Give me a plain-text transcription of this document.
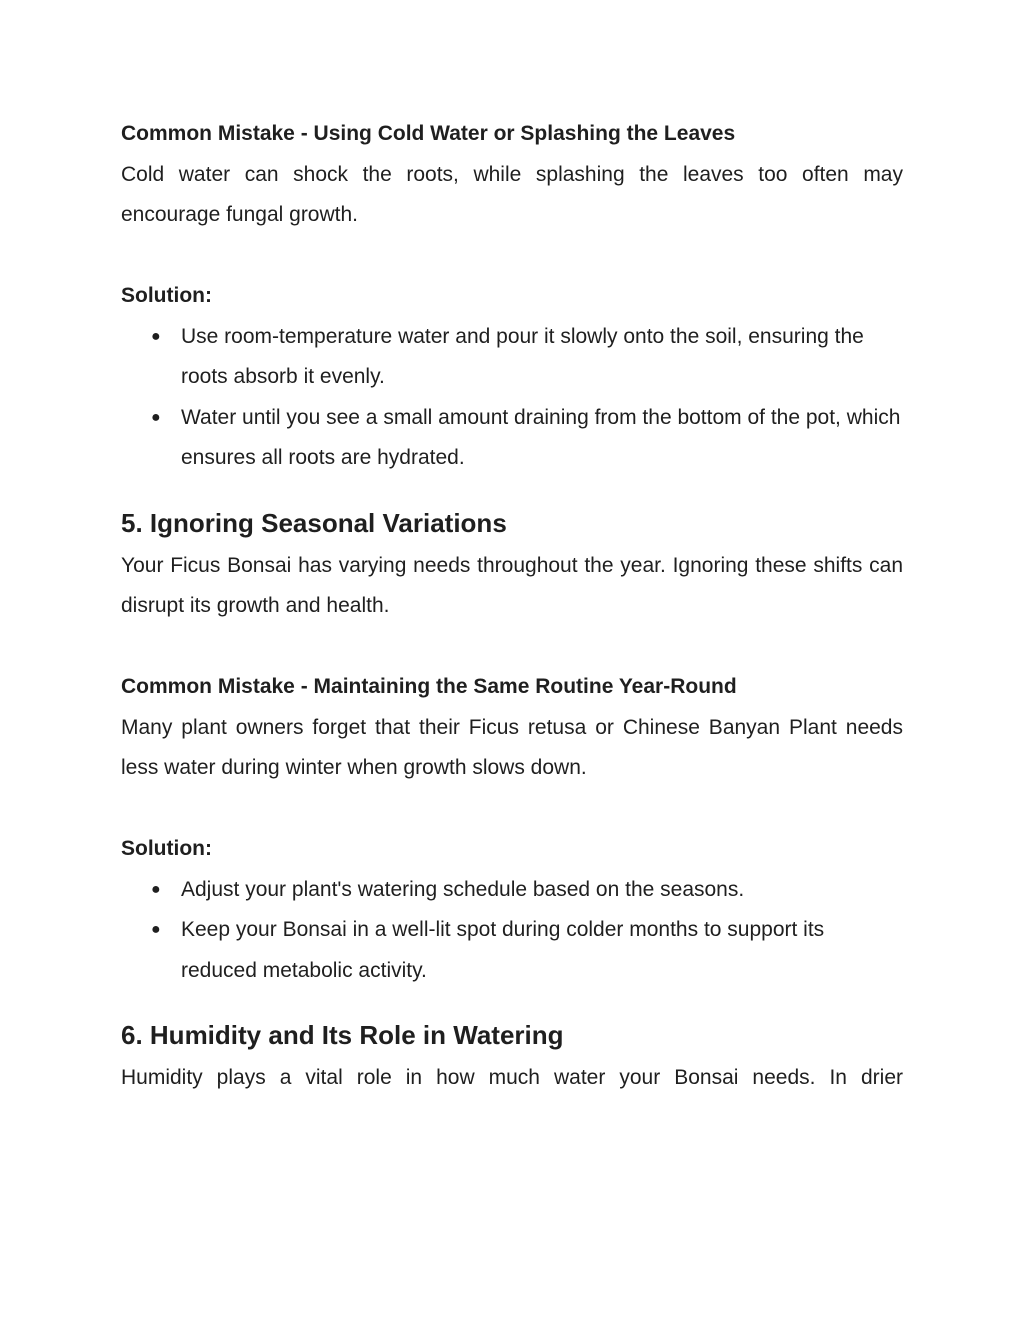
Common Mistake - Using Cold Water or Splashing the Leaves

Cold water can shock the roots, while splashing the leaves too often may encourage fungal growth.

Solution:

● Use room-temperature water and pour it slowly onto the soil, ensuring the roots absorb it evenly.
● Water until you see a small amount draining from the bottom of the pot, which ensures all roots are hydrated.

5. Ignoring Seasonal Variations

Your Ficus Bonsai has varying needs throughout the year. Ignoring these shifts can disrupt its growth and health.

Common Mistake - Maintaining the Same Routine Year-Round

Many plant owners forget that their Ficus retusa or Chinese Banyan Plant needs less water during winter when growth slows down.

Solution:

● Adjust your plant's watering schedule based on the seasons.
● Keep your Bonsai in a well-lit spot during colder months to support its reduced metabolic activity.

6. Humidity and Its Role in Watering

Humidity plays a vital role in how much water your Bonsai needs. In drier
